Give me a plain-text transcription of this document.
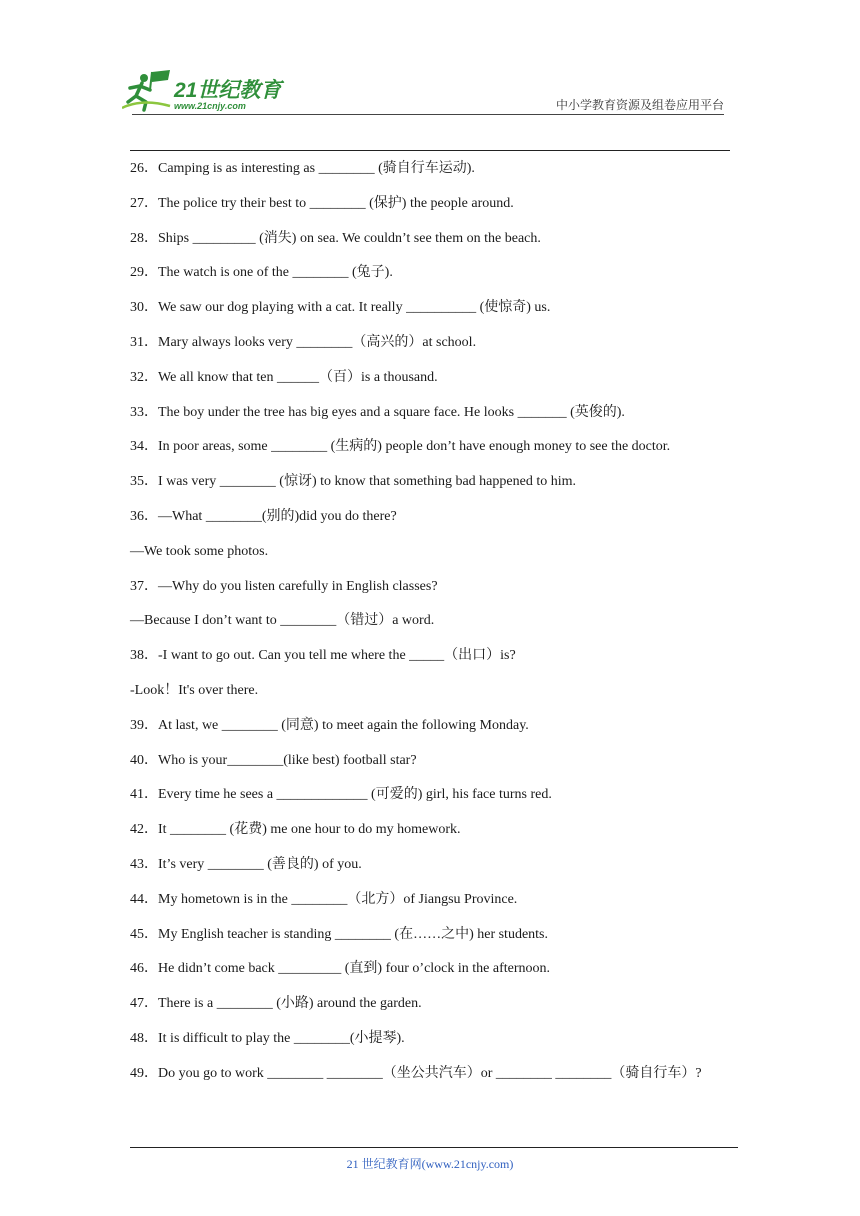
21世纪教育
www.21cnjy.com	中小学教育资源及组卷应用平台
26．Camping is as interesting as ________ (骑自行车运动).
27．The police try their best to ________ (保护) the people around.
28．Ships _________ (消失) on sea. We couldn’t see them on the beach.
29．The watch is one of the ________ (兔子).
30．We saw our dog playing with a cat. It really __________ (使惊奇) us.
31．Mary always looks very ________（高兴的）at school.
32．We all know that ten ______（百）is a thousand.
33．The boy under the tree has big eyes and a square face. He looks _______ (英俊的).
34．In poor areas, some ________ (生病的) people don’t have enough money to see the doctor.
35．I was very ________ (惊讶) to know that something bad happened to him.
36．—What ________(别的)did you do there?
—We took some photos.
37．—Why do you listen carefully in English classes?
—Because I don’t want to ________（错过）a word.
38．-I want to go out. Can you tell me where the _____（出口）is?
-Look！It's over there.
39．At last, we ________ (同意) to meet again the following Monday.
40．Who is your________(like best) football star?
41．Every time he sees a _____________ (可爱的) girl, his face turns red.
42．It ________ (花费) me one hour to do my homework.
43．It’s very ________ (善良的) of you.
44．My hometown is in the ________（北方）of Jiangsu Province.
45．My English teacher is standing ________ (在……之中) her students.
46．He didn’t come back _________ (直到) four o’clock in the afternoon.
47．There is a ________ (小路) around the garden.
48．It is difficult to play the ________(小提琴).
49．Do you go to work ________ ________（坐公共汽车）or ________ ________（骑自行车）?
21 世纪教育网(www.21cnjy.com)
